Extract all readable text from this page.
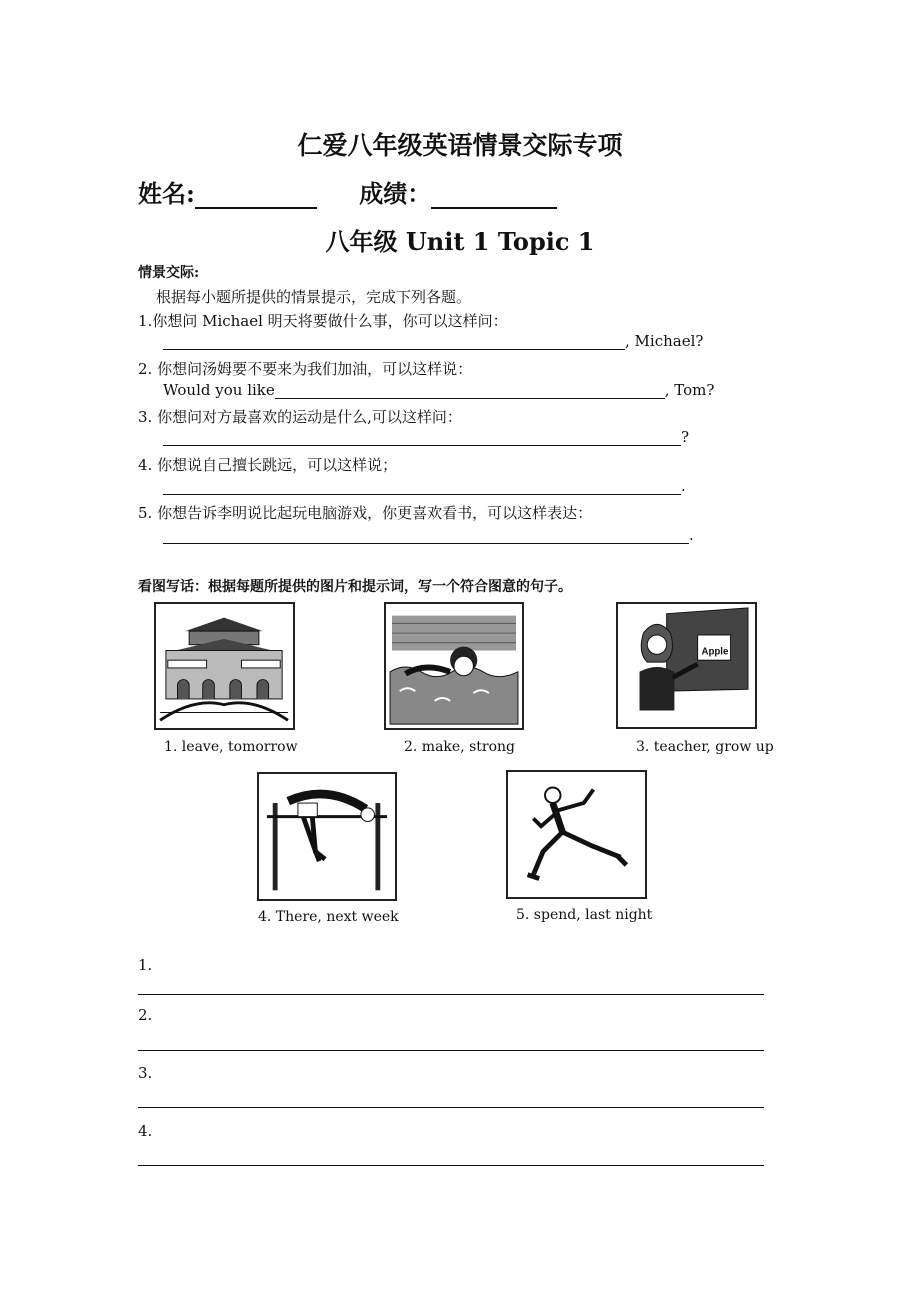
仁爱八年级英语情景交际专项
姓名:	成绩：
八年级 Unit 1 Topic 1
情景交际:
根据每小题所提供的情景提示，完成下列各题。
1.你想问 Michael 明天将要做什么事，你可以这样问：
, Michael?
2. 你想问汤姆要不要来为我们加油，可以这样说：
Would you like	, Tom?
3. 你想问对方最喜欢的运动是什么,可以这样问：
?
4. 你想说自己擅长跳远，可以这样说；
.
5. 你想告诉李明说比起玩电脑游戏，你更喜欢看书，可以这样表达：
.
看图写话：根据每题所提供的图片和提示词，写一个符合图意的句子。
1. leave, tomorrow	2. make, strong
Apple
3. teacher, grow up
4. There, next week	5. spend, last night
1.
2.
3.
4.
